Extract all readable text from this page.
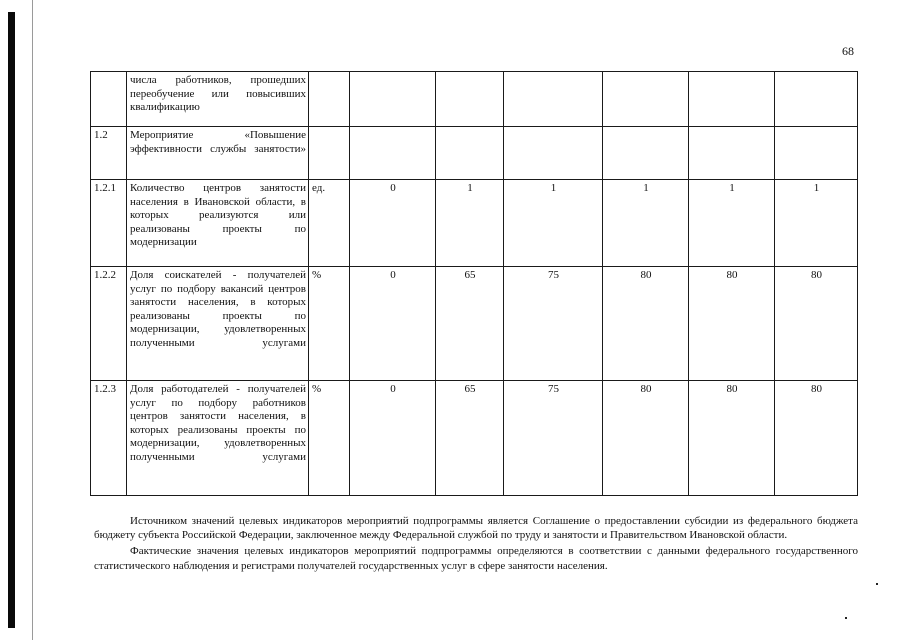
68
	числа работников, прошедших переобучение или повысивших квалификацию							
1.2	Мероприятие «Повышение эффективности службы занятости»							
1.2.1	Количество центров занятости населения в Ивановской области, в которых реализуются или реализованы проекты по модернизации	ед.	0	1	1	1	1	1
1.2.2	Доля соискателей - получателей услуг по подбору вакансий центров занятости населения, в которых реализованы проекты по модернизации, удовлетворенных полученными услугами	%	0	65	75	80	80	80
1.2.3	Доля работодателей - получателей услуг по подбору работников центров занятости населения, в которых реализованы проекты по модернизации, удовлетворенных полученными услугами	%	0	65	75	80	80	80

Источником значений целевых индикаторов мероприятий подпрограммы является Соглашение о предоставлении субсидии из федерального бюджета бюджету субъекта Российской Федерации, заключенное между Федеральной службой по труду и занятости и Правительством Ивановской области.

Фактические значения целевых индикаторов мероприятий подпрограммы определяются в соответствии с данными федерального государственного статистического наблюдения и регистрами получателей государственных услуг в сфере занятости населения.
